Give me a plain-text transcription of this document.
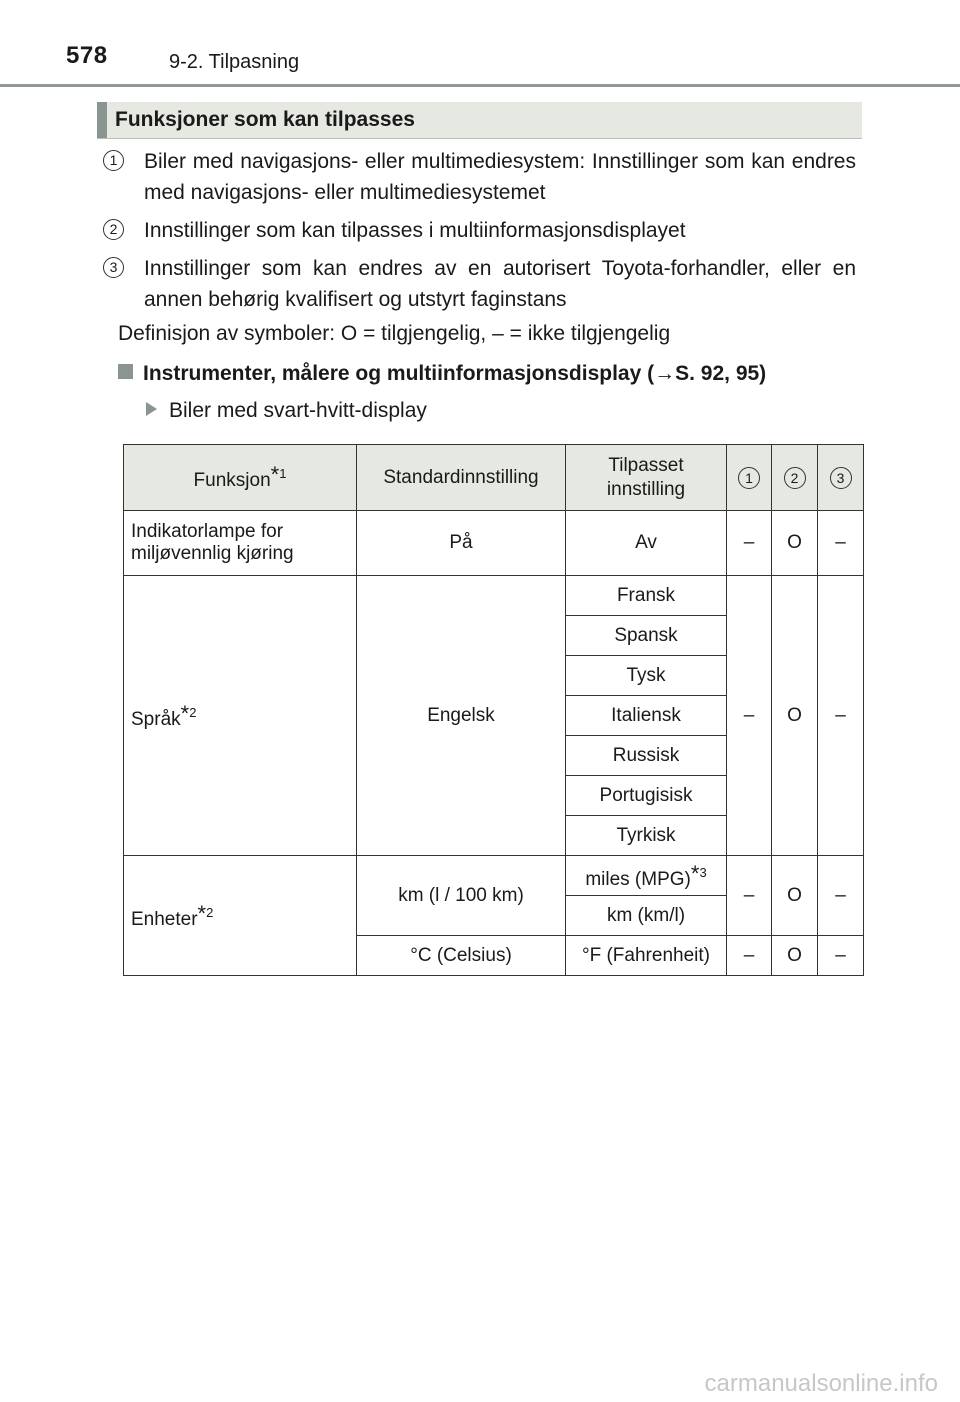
578	9-2. Tilpasning
Funksjoner som kan tilpasses
1	Biler med navigasjons- eller multimediesystem: Innstillinger som kan endres med navigasjons- eller multimediesystemet
2	Innstillinger som kan tilpasses i multiinformasjonsdisplayet
3	Innstillinger som kan endres av en autorisert Toyota-forhandler, eller en annen behørig kvalifisert og utstyrt faginstans
Definisjon av symboler: O = tilgjengelig, – = ikke tilgjengelig
Instrumenter, målere og multiinformasjonsdisplay (→S. 92, 95)
Biler med svart-hvitt-display
Funksjon$^{*1}$	Standardinnstilling	Tilpasset innstilling	1	2	3
Indikatorlampe for miljøvennlig kjøring	På	Av	–	O	–
Språk$^{*2}$	Engelsk	Fransk	–	O	–
		Spansk			
		Tysk			
		Italiensk			
		Russisk			
		Portugisisk			
		Tyrkisk			
Enheter$^{*2}$	km (l / 100 km)	miles (MPG)$^{*3}$	–	O	–
		km (km/l)			
	°C (Celsius)	°F (Fahrenheit)	–	O	–
carmanualsonline.info
